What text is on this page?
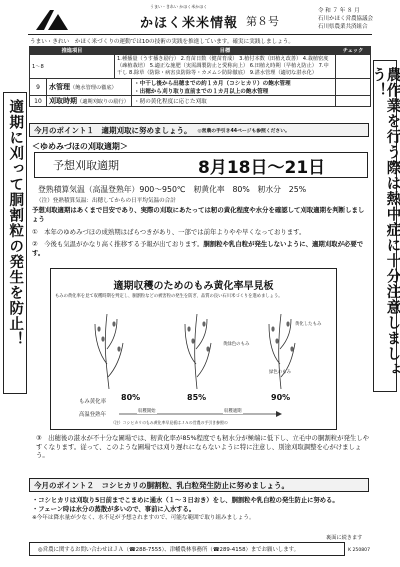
うまい・きれい かほく米かほく
かほく米米情報 第８号
令 和 ７ 年 ８ 月
石川かほく営農協議会
石川県農業共済組合
うまい・きれい　かほく米づくりの運動では10の技術の実践を推進しています。確実に実践しましょう。
推進項目	目標	チェック
1～8	1.種播量（うす播き励行） 2.育苗日数（健苗育成） 3.植付本数（田植え改善） 4.栽植密度（疎植栽培） 5.適正な施肥（実需調製防止と愛称向上） 6.田植え時期（早植え防止） 7.中干し 8.除草（防除・病害虫防除等・カメムシ防除徹底） 9.湛水管理（適切な湛水化）	
9	水管理（飽水管理の徹底）	・中干し後から出穂までの約１カ月（コシヒカリ）の飽水管理
・出穂から刈り取り直前までの１カ月以上の飽水管理	

10	刈取時期（適期刈取りの励行）	・籾の黄化程度に応じた刈取	
適期に刈って胴割粒の発生を防止！	農作業を行う際は熱中症に十分注意しましょう！
今月のポイント１　適期刈取に努めましょう。 ◎営農の手引き44ページも参照ください。
＜ゆめみづほの刈取適期＞
予想刈取適期	8月18日～21日
登熟積算気温（高温登熟年）900～950℃　籾黄化率　80%　籾水分　25%
（注）登熟積算気温：出穂してからの日平均気温の合計
予想刈取適期はあくまで目安であり、実際の刈取にあたっては籾の黄化程度や水分を確認して刈取適期を判断しましょう
①　本年のゆめみづほの成熟期はばらつきがあり、一部では前年よりやや早くなっております。
②　今後も気温がかなり高く推移する予報が出ております。胴割粒や乳白粒が発生しないように、適期刈取が必要です。
適期収穫のためのもみ黄化率早見板
もみの黄化率を見て収穫時期を判定し、胴割粒などの被害粒の発生を防ぎ、品質の良い石川米づくりを進めましょう。
黄化したもみ
黄緑色のもみ
緑色のもみ
もみ黄化率 80%	85%	90%
高温登熟年
収穫開始	収穫適期
（注）コシヒカリのもみ黄化率早見板はＪＡの営農の手引き参照の
③　出穂後の湛水が不十分な圃場では、籾黄化率が85%程度でも籾水分が極端に低下し、立毛中の胴割粒が発生しやすくなります。従って、このような圃場では刈り遅れにならないように特に注意し、別途刈取調整を心がけましょう。
今月のポイント２　コシヒカリの胴割粒、乳白粒発生防止に努めましょう。
・コシヒカリは刈取り5日前までこまめに通水（１～３日おき）をし、胴割粒や乳白粒の発生防止に努める。
・フェーン時は水分の蒸散が多いので、事前に入水する。
※今年は降水量が少なく、水不足が予想されますので、可能な範囲で取り組みましょう。
裏面に続きます
◎営農に関するお問い合わせはＪＡ（☎288-7555）、津幡農林事務所（☎289-4158）までお願いします。	K 250807
